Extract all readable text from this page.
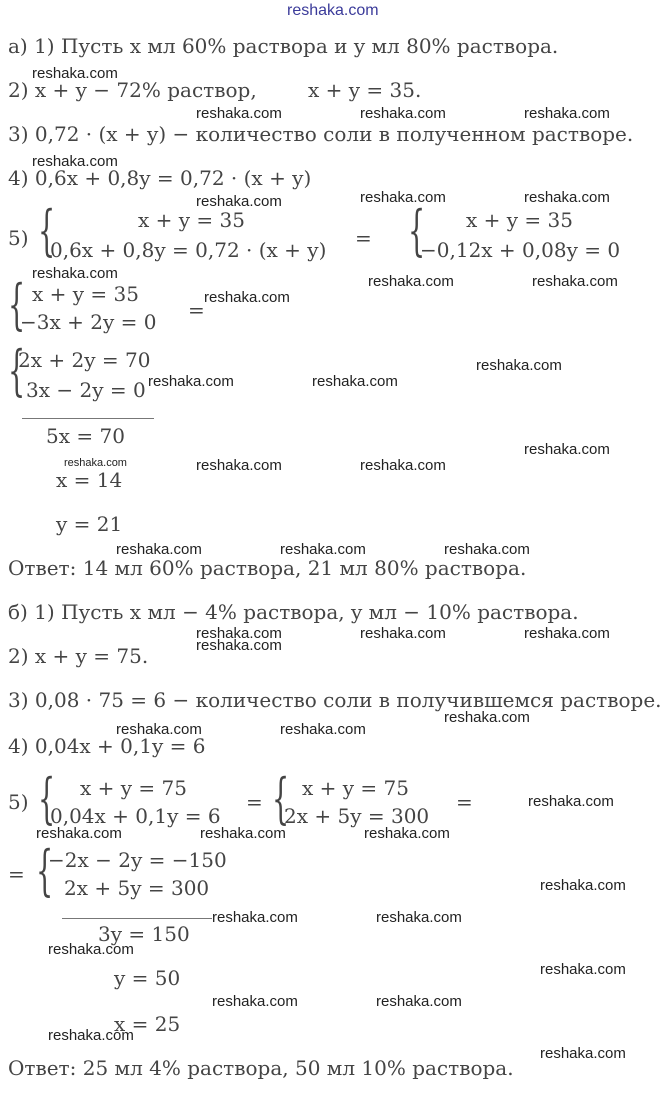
reshaka.com
а) 1) Пусть x мл 60% раствора и y мл 80% раствора.
2) x + y − 72% раствор,	x + y = 35.
3) 0,72 · (x + y) − количество соли в полученном растворе.
4) 0,6x + 0,8y = 0,72 · (x + y)
5) {	x + y = 35
0,6x + 0,8y = 0,72 · (x + y) = { x + y = 35
−0,12x + 0,08y = 0
{ x + y = 35
−3x + 2y = 0 =
{
2x + 2y = 70
3x − 2y = 0
5x = 70
x = 14
y = 21
Ответ: 14 мл 60% раствора, 21 мл 80% раствора.
б) 1) Пусть x мл − 4% раствора, y мл − 10% раствора.
2) x + y = 75.
3) 0,08 · 75 = 6 − количество соли в получившемся растворе.
4) 0,04x + 0,1y = 6
5) { x + y = 75
0,04x + 0,1y = 6
= { x + y = 75
2x + 5y = 300
=
= {
−2x − 2y = −150
2x + 5y = 300
3y = 150
y = 50
x = 25
Ответ: 25 мл 4% раствора, 50 мл 10% раствора.
reshaka.com
reshaka.com	reshaka.com	reshaka.com
reshaka.com
reshaka.com	reshaka.com	reshaka.com
reshaka.com	reshaka.com	reshaka.com
reshaka.com
reshaka.com
reshaka.com	reshaka.com
reshaka.com
reshaka.com	reshaka.com	reshaka.com
reshaka.com	reshaka.com	reshaka.com
reshaka.com	reshaka.com	reshaka.com
reshaka.com
reshaka.com
reshaka.com	reshaka.com
reshaka.com
reshaka.com	reshaka.com	reshaka.com
reshaka.com
reshaka.com	reshaka.com
reshaka.com
reshaka.com
reshaka.com	reshaka.com
reshaka.com
reshaka.com
